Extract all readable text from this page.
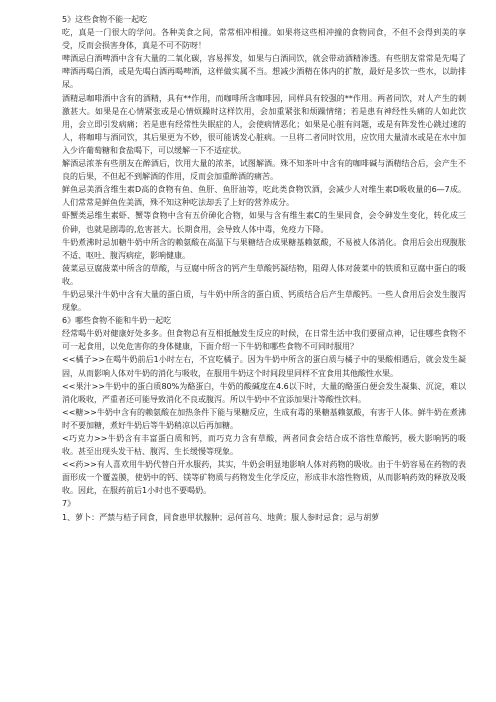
5》这些食物不能一起吃

吃，真是一门很大的学问。各种美食之间，常常相冲相撞。如果将这些相冲撞的食物同食，不但不会得到美的享受，反而会损害身体，真是不可不防呀！

啤酒忌白酒啤酒中含有大量的二氧化碳，容易挥发，如果与白酒同饮，就会带动酒精渗透。有些朋友常常是先喝了啤酒再喝白酒，或是先喝白酒再喝啤酒，这样做实属不当。想减少酒精在体内的扩散，最好是多饮一些水，以助排尿。

酒精忌咖啡酒中含有的酒精，具有**作用，而咖啡所含咖啡因，同样具有较强的**作用。两者同饮，对人产生的刺激甚大。如果是在心情紧张或是心情烦躁时这样饮用，会加重紧张和烦躁情绪；若是患有神经性头痛的人如此饮用，会立即引发病痛；若是患有经常性失眠症的人，会使病情恶化；如果是心脏有问题，或是有阵发性心跳过速的人，将咖啡与酒同饮，其后果更为不妙，很可能诱发心脏病。一旦将二者同时饮用，应饮用大量清水或是在水中加入少许葡萄糖和食盐喝下，可以缓解一下不适症状。

解酒忌浓茶有些朋友在醉酒后，饮用大量的浓茶，试图解酒。殊不知茶叶中含有的咖啡碱与酒精结合后，会产生不良的后果，不但起不到解酒的作用，反而会加重醉酒的痛苦。

鲜鱼忌美酒含维生素D高的食物有鱼、鱼肝、鱼肝油等，吃此类食物饮酒，会减少人对维生素D吸收量的6—7成。人们常常是鲜鱼佐美酒，殊不知这种吃法却丢了上好的营养成分。

虾蟹类忌维生素虾、蟹等食物中含有五价砷化合物，如果与含有维生素C的生果同食，会令砷发生变化，转化成三价砷，也就是剧毒的,危害甚大。长期食用，会导致人体中毒，免疫力下降。

牛奶煮沸时忌加糖牛奶中所含的赖氨酸在高温下与果糖结合成果糖基赖氨酸，不易被人体消化。食用后会出现腹胀不适、呕吐、腹泻病症，影响健康。

菠菜忌豆腐菠菜中所含的草酸，与豆腐中所含的钙产生草酸钙凝结物，阻碍人体对菠菜中的铁质和豆腐中蛋白的吸收。

牛奶忌果汁牛奶中含有大量的蛋白质，与牛奶中所含的蛋白质、钙质结合后产生草酸钙。一些人食用后会发生腹泻现象。

6》哪些食物不能和牛奶一起吃

经常喝牛奶对健康好处多多。但食物总有互相抵触发生反应的时候，在日常生活中我们要留点神，记住哪些食物不可一起食用，以免危害你的身体健康，下面介绍一下牛奶和哪些食物不可同时服用？

<<橘子>>在喝牛奶前后1小时左右，不宜吃橘子。因为牛奶中所含的蛋白质与橘子中的果酸相遇后，就会发生凝固，从而影响人体对牛奶的消化与吸收，在服用牛奶这个时间段里同样不宜食用其他酸性水果。

<<果汁>>牛奶中的蛋白质80%为酪蛋白，牛奶的酸碱度在4.6以下时，大量的酪蛋白便会发生凝集、沉淀，难以消化吸收，严重者还可能导致消化不良或腹泻。所以牛奶中不宜添加果汁等酸性饮料。

<<糖>>牛奶中含有的赖氨酸在加热条件下能与果糖反应，生成有毒的果糖基赖氨酸，有害于人体。鲜牛奶在煮沸时不要加糖，煮好牛奶后等牛奶稍凉以后再加糖。

<巧克力>>牛奶含有丰富蛋白质和钙，而巧克力含有草酸，两者同食会结合成不溶性草酸钙，极大影响钙的吸收。甚至出现头发干枯、腹泻、生长缓慢等现象。

<<药>>有人喜欢用牛奶代替白开水服药，其实，牛奶会明显地影响人体对药物的吸收。由于牛奶容易在药物的表面形成一个覆盖膜，使奶中的钙、镁等矿物质与药物发生化学反应，形成非水溶性物质，从而影响药效的释放及吸收。因此，在服药前后1小时也不要喝奶。

7》

1、萝卜：严禁与桔子同食，同食患甲状腺肿；忌何首乌、地黄；服人参时忌食；忌与胡萝
